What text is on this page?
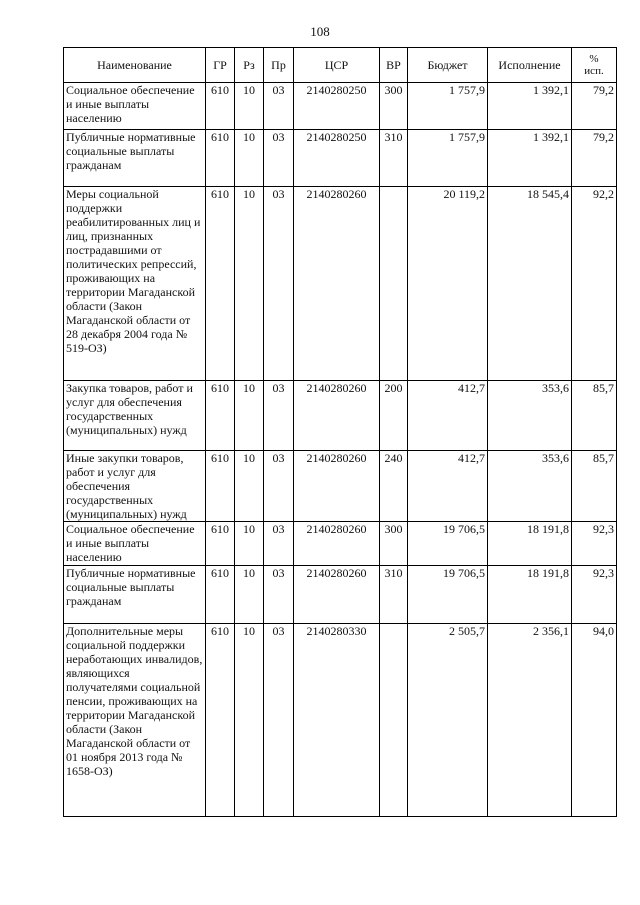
108
Наименование	ГР	Рз	Пр	ЦСР	ВР	Бюджет	Исполнение	%
исп.
Социальное обеспечение и иные выплаты населению	610	10	03	2140280250	300	1 757,9	1 392,1	79,2
Публичные нормативные социальные выплаты гражданам	610	10	03	2140280250	310	1 757,9	1 392,1	79,2
Меры социальной поддержки реабилитированных лиц и лиц, признанных пострадавшими от политических репрессий, проживающих на территории Магаданской области (Закон Магаданской области от 28 декабря 2004 года № 519-ОЗ)	610	10	03	2140280260		20 119,2	18 545,4	92,2
Закупка товаров, работ и услуг для обеспечения государственных (муниципальных) нужд	610	10	03	2140280260	200	412,7	353,6	85,7
Иные закупки товаров, работ и услуг для обеспечения государственных (муниципальных) нужд	610	10	03	2140280260	240	412,7	353,6	85,7
Социальное обеспечение и иные выплаты населению	610	10	03	2140280260	300	19 706,5	18 191,8	92,3
Публичные нормативные социальные выплаты гражданам	610	10	03	2140280260	310	19 706,5	18 191,8	92,3
Дополнительные меры социальной поддержки неработающих инвалидов, являющихся получателями социальной пенсии, проживающих на территории Магаданской области (Закон Магаданской области от 01 ноября 2013 года № 1658-ОЗ)	610	10	03	2140280330		2 505,7	2 356,1	94,0
